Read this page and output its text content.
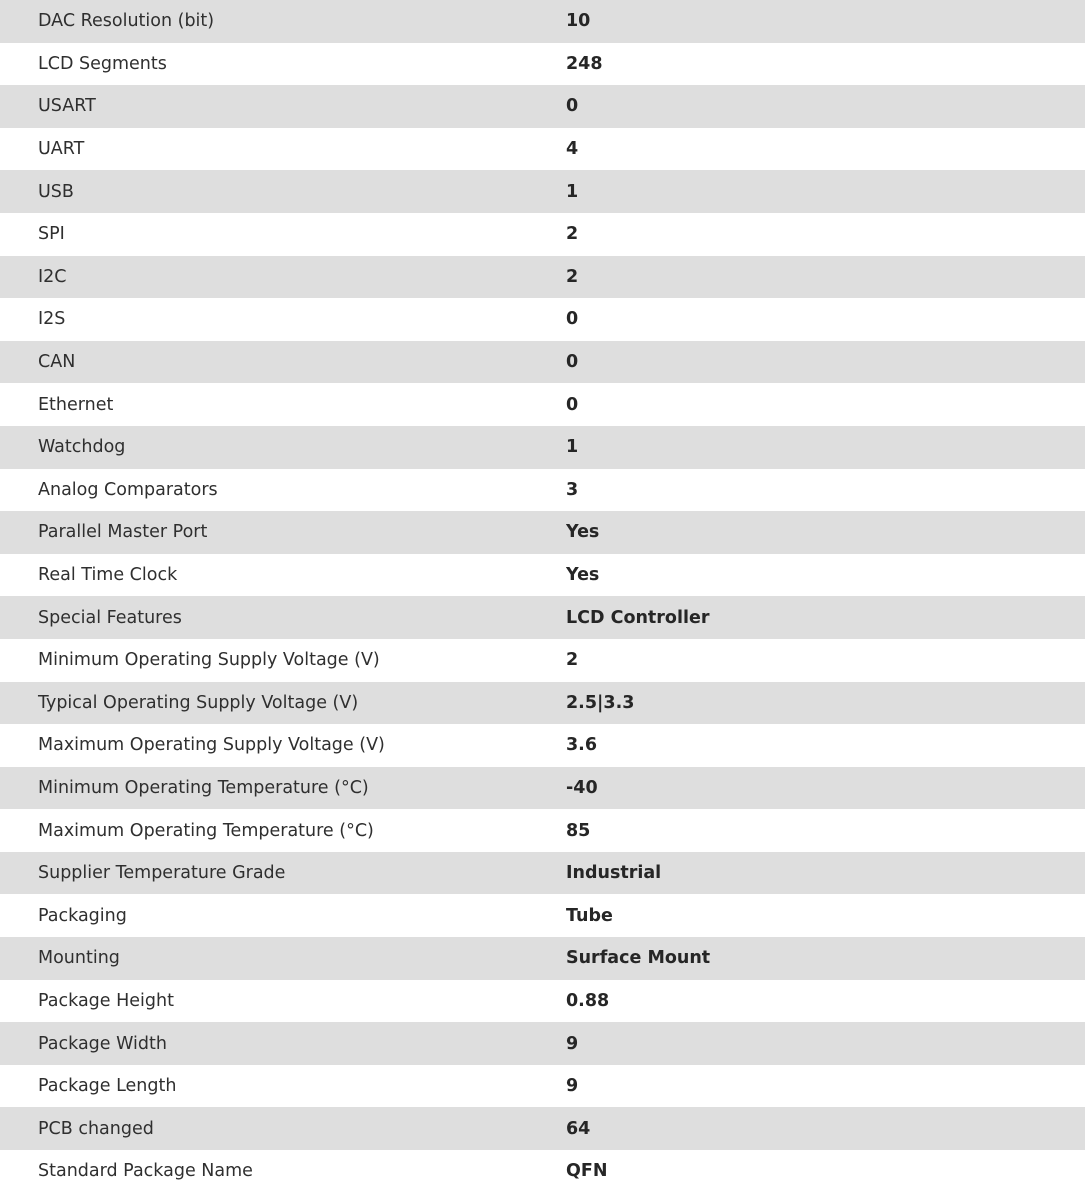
DAC Resolution (bit)	10
LCD Segments	248
USART	0
UART	4
USB	1
SPI	2
I2C	2
I2S	0
CAN	0
Ethernet	0
Watchdog	1
Analog Comparators	3
Parallel Master Port	Yes
Real Time Clock	Yes
Special Features	LCD Controller
Minimum Operating Supply Voltage (V)	2
Typical Operating Supply Voltage (V)	2.5|3.3
Maximum Operating Supply Voltage (V)	3.6
Minimum Operating Temperature (°C)	-40
Maximum Operating Temperature (°C)	85
Supplier Temperature Grade	Industrial
Packaging	Tube
Mounting	Surface Mount
Package Height	0.88
Package Width	9
Package Length	9
PCB changed	64
Standard Package Name	QFN
